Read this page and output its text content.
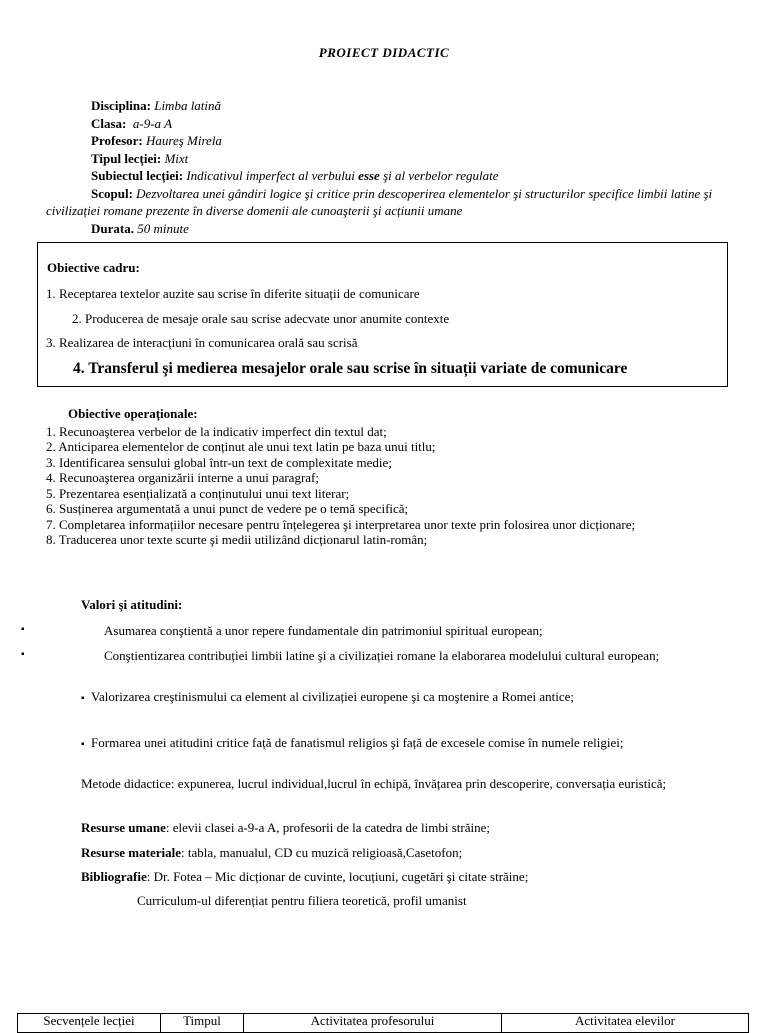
PROIECT DIDACTIC
Disciplina: Limba latină
Clasa: a-9-a A
Profesor: Haureş Mirela
Tipul lecției: Mixt
Subiectul lecției: Indicativul imperfect al verbului esse şi al verbelor regulate
Scopul: Dezvoltarea unei gândiri logice şi critice prin descoperirea elementelor şi structurilor specifice limbii latine şi civilizației romane prezente în diverse domenii ale cunoaşterii şi acțiunii umane
Durata. 50 minute
Obiective cadru:
1. Receptarea textelor auzite sau scrise în diferite situații de comunicare
2. Producerea de mesaje orale sau scrise adecvate unor anumite contexte
3. Realizarea de interacțiuni în comunicarea orală sau scrisă
4. Transferul şi medierea mesajelor orale sau scrise în situații variate de comunicare
Obiective operaționale:
1. Recunoaşterea verbelor de la indicativ imperfect din textul dat;
2. Anticiparea elementelor de conținut ale unui text latin pe baza unui titlu;
3. Identificarea sensului global într-un text de complexitate medie;
4. Recunoaşterea organizării interne a unui paragraf;
5. Prezentarea esențializată a conținutului unui text literar;
6. Susținerea argumentată a unui punct de vedere pe o temă specifică;
7. Completarea informațiilor necesare pentru înțelegerea şi interpretarea unor texte prin folosirea unor dicționare;
8. Traducerea unor texte scurte şi medii utilizând dicționarul latin-român;
Valori şi atitudini:
▪	Asumarea conştientă a unor repere fundamentale din patrimoniul spiritual european;
▪	Conştientizarea contribuției limbii latine şi a civilizației romane la elaborarea modelului cultural european;
▪ Valorizarea creştinismului ca element al civilizației europene şi ca moştenire a Romei antice;
▪ Formarea unei atitudini critice față de fanatismul religios şi față de excesele comise în numele religiei;
Metode didactice: expunerea, lucrul individual,lucrul în echipă, învățarea prin descoperire, conversația euristică;
Resurse umane: elevii clasei a-9-a A, profesorii de la catedra de limbi străine;
Resurse materiale: tabla, manualul, CD cu muzică religioasă,Casetofon;
Bibliografie: Dr. Fotea – Mic dicționar de cuvinte, locuțiuni, cugetări şi citate străine;
Curriculum-ul diferențiat pentru filiera teoretică, profil umanist
Secvențele lecției	Timpul	Activitatea profesorului	Activitatea elevilor
